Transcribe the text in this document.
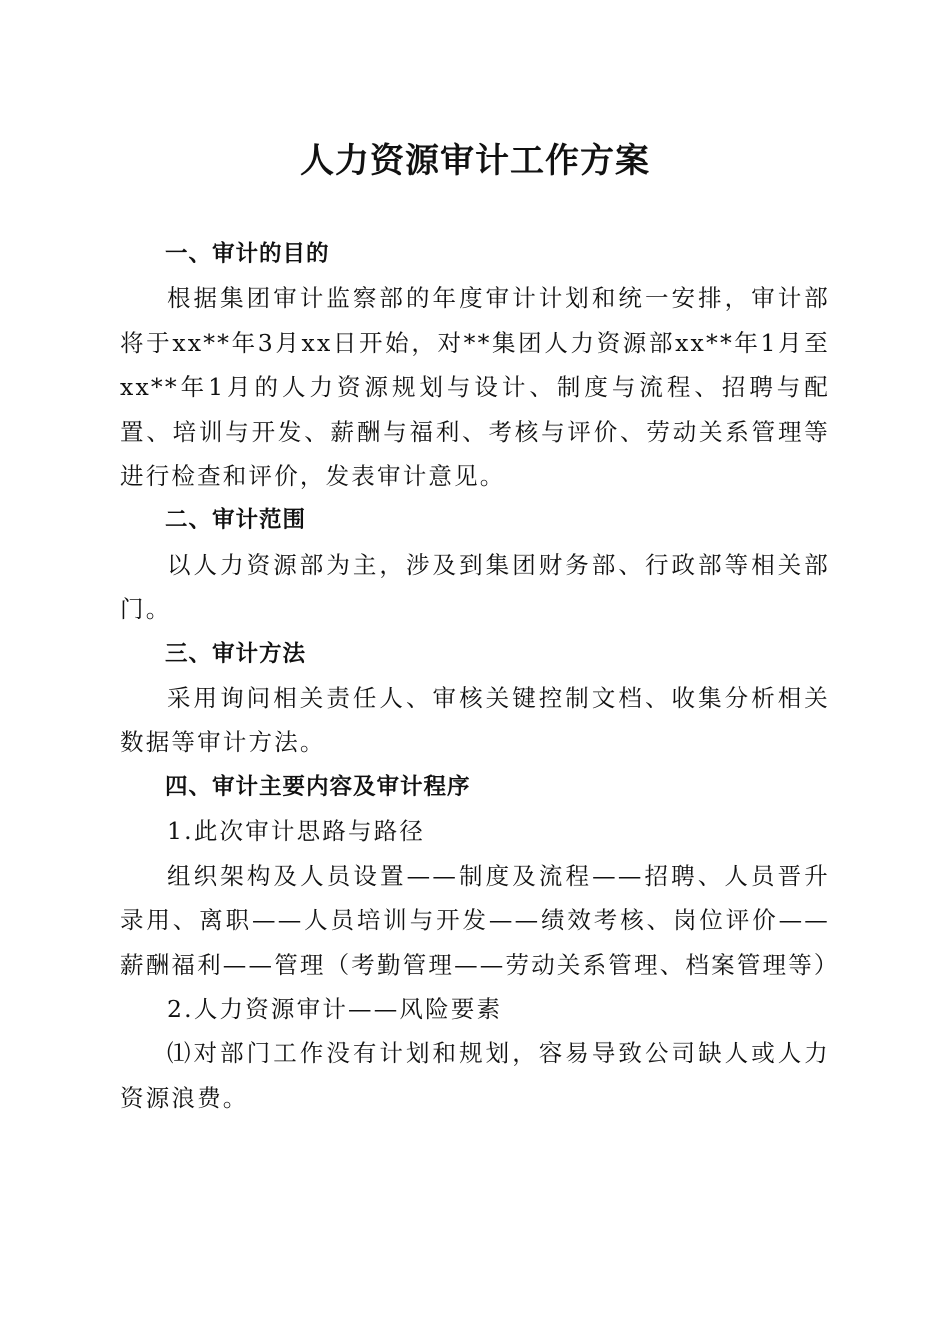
人力资源审计工作方案

一、审计的目的

根据集团审计监察部的年度审计计划和统一安排，审计部将于xx**年3月xx日开始，对**集团人力资源部xx**年1月至xx**年1月的人力资源规划与设计、制度与流程、招聘与配置、培训与开发、薪酬与福利、考核与评价、劳动关系管理等进行检查和评价，发表审计意见。

二、审计范围

以人力资源部为主，涉及到集团财务部、行政部等相关部门。

三、审计方法

采用询问相关责任人、审核关键控制文档、收集分析相关数据等审计方法。

四、审计主要内容及审计程序

1.此次审计思路与路径

组织架构及人员设置——制度及流程——招聘、人员晋升录用、离职——人员培训与开发——绩效考核、岗位评价——薪酬福利——管理（考勤管理——劳动关系管理、档案管理等）

2.人力资源审计——风险要素

⑴对部门工作没有计划和规划，容易导致公司缺人或人力资源浪费。
